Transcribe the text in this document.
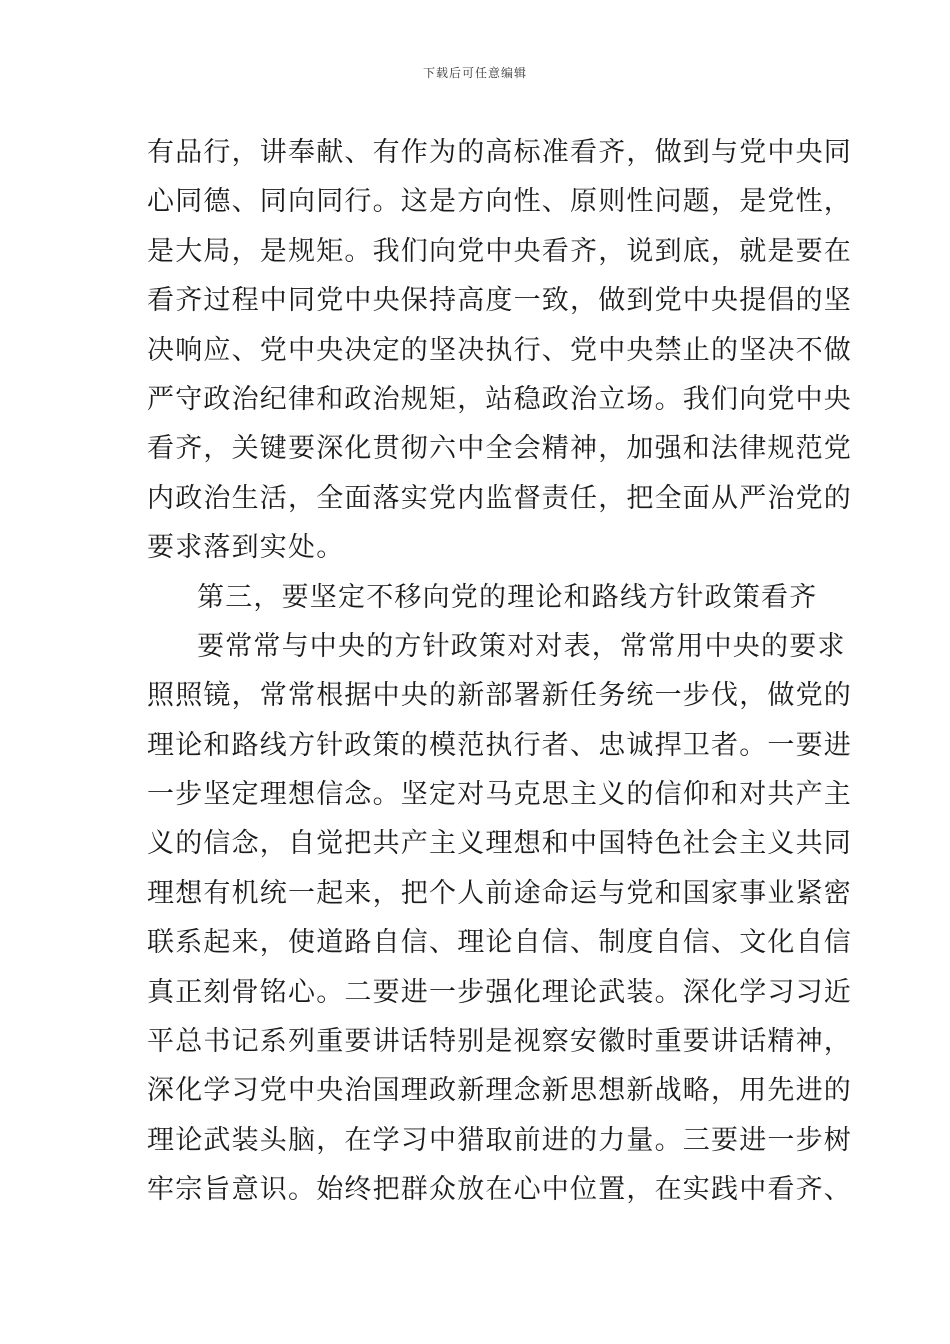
下载后可任意编辑
有品行，讲奉献、有作为的高标准看齐，做到与党中央同
心同德、同向同行。这是方向性、原则性问题，是党性，
是大局，是规矩。我们向党中央看齐，说到底，就是要在
看齐过程中同党中央保持高度一致，做到党中央提倡的坚
决响应、党中央决定的坚决执行、党中央禁止的坚决不做
严守政治纪律和政治规矩，站稳政治立场。我们向党中央
看齐，关键要深化贯彻六中全会精神，加强和法律规范党
内政治生活，全面落实党内监督责任，把全面从严治党的
要求落到实处。
第三，要坚定不移向党的理论和路线方针政策看齐
要常常与中央的方针政策对对表，常常用中央的要求
照照镜，常常根据中央的新部署新任务统一步伐，做党的
理论和路线方针政策的模范执行者、忠诚捍卫者。一要进
一步坚定理想信念。坚定对马克思主义的信仰和对共产主
义的信念，自觉把共产主义理想和中国特色社会主义共同
理想有机统一起来，把个人前途命运与党和国家事业紧密
联系起来，使道路自信、理论自信、制度自信、文化自信
真正刻骨铭心。二要进一步强化理论武装。深化学习习近
平总书记系列重要讲话特别是视察安徽时重要讲话精神，
深化学习党中央治国理政新理念新思想新战略，用先进的
理论武装头脑，在学习中猎取前进的力量。三要进一步树
牢宗旨意识。始终把群众放在心中位置，在实践中看齐、
